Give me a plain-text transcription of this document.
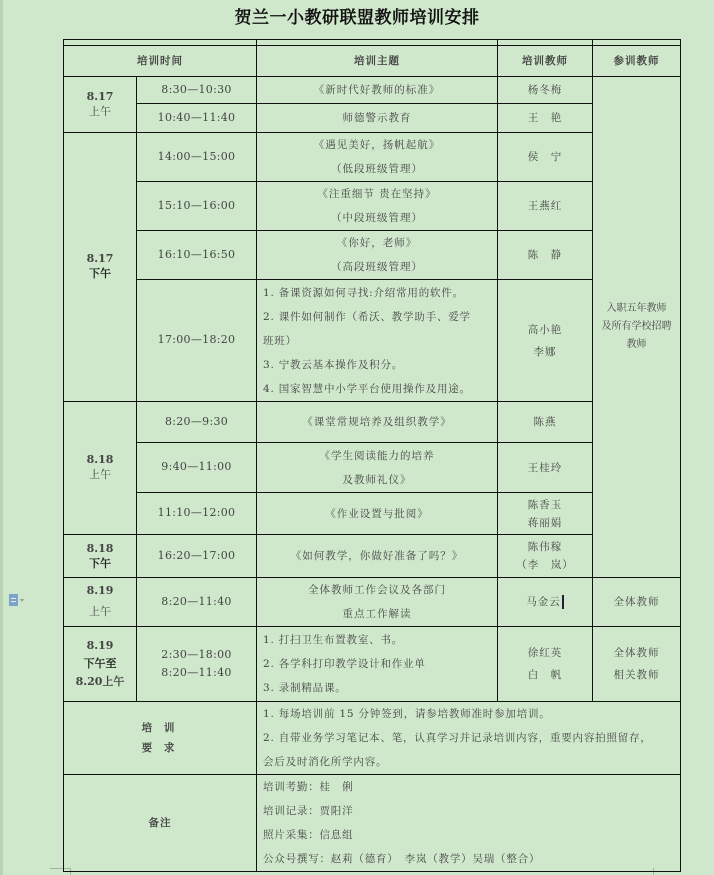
贺兰一小教研联盟教师培训安排

培训时间		培训主题	培训教师	参训教师
8.17
上午	8:30—10:30	《新时代好教师的标准》	杨冬梅	入职五年教师
及所有学校招聘
教师

	10:40—11:40	师德警示教育	王　艳	

8.17
下午	14:00—15:00	《遇见美好，扬帆起航》
（低段班级管理）	侯　宁	

	15:10—16:00	《注重细节 贵在坚持》
（中段班级管理）	王燕红	

	16:10—16:50	《你好，老师》
（高段班级管理）	陈　静	

	17:00—18:20	1. 备课资源如何寻找:介绍常用的软件。
2. 课件如何制作（希沃、教学助手、爱学
班班）
3. 宁教云基本操作及积分。
4. 国家智慧中小学平台使用操作及用途。	高小艳
李娜	

8.18
上午	8:20—9:30	《课堂常规培养及组织教学》	陈燕	

	9:40—11:00	《学生阅读能力的培养
及教师礼仪》	王桂玲	

	11:10—12:00	《作业设置与批阅》	陈香玉
蒋丽娟	

8.18
下午	16:20—17:00	《如何教学，你做好准备了吗？》	陈伟稼
（李　岚）	

8.19
上午	8:20—11:40	全体教师工作会议及各部门
重点工作解读	马金云	全体教师

8.19
下午至
8.20上午	2:30—18:00
8:20—11:40	1. 打扫卫生布置教室、书。
2. 各学科打印教学设计和作业单
3. 录制精品课。	徐红英
白　帆	全体教师
相关教师

培 训
要 求		1. 每场培训前 15 分钟签到，请参培教师准时参加培训。
2. 自带业务学习笔记本、笔，认真学习并记录培训内容，重要内容拍照留存，
会后及时消化所学内容。		

备注		培训考勤：桂　俐
培训记录：贾阳洋
照片采集：信息组
公众号撰写：赵莉（德育）　李岚（教学）吴瑞（整合）		
